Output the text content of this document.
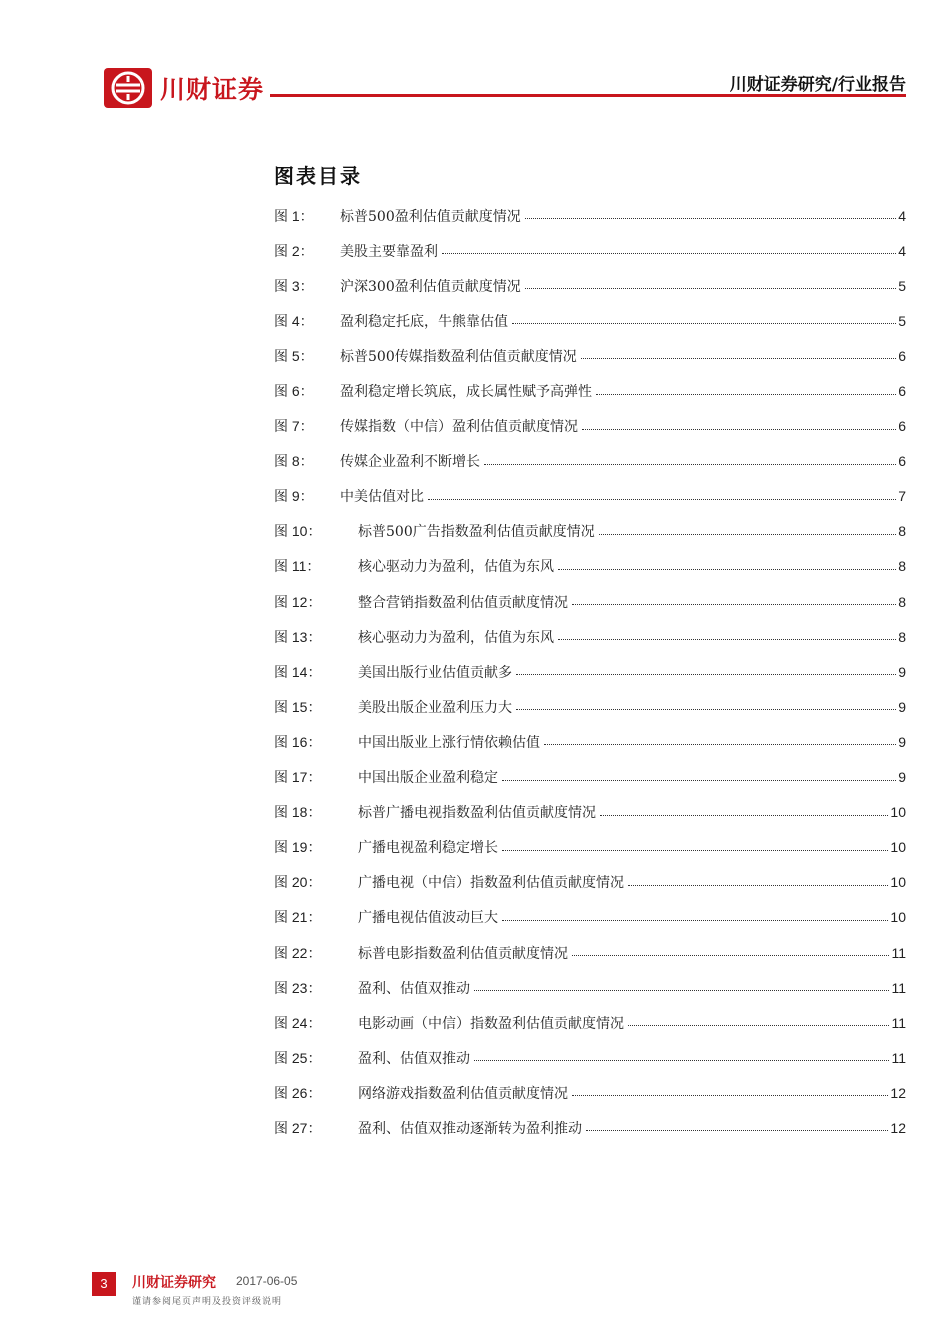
川财证券	川财证券研究/行业报告
图表目录
图 1：	标普500盈利估值贡献度情况	4
图 2：	美股主要靠盈利	4
图 3：	沪深300盈利估值贡献度情况	5
图 4：	盈利稳定托底，牛熊靠估值	5
图 5：	标普500传媒指数盈利估值贡献度情况	6
图 6：	盈利稳定增长筑底，成长属性赋予高弹性	6
图 7：	传媒指数（中信）盈利估值贡献度情况	6
图 8：	传媒企业盈利不断增长	6
图 9：	中美估值对比	7
图 10：	标普500广告指数盈利估值贡献度情况	8
图 11：	核心驱动力为盈利，估值为东风	8
图 12：	整合营销指数盈利估值贡献度情况	8
图 13：	核心驱动力为盈利，估值为东风	8
图 14：	美国出版行业估值贡献多	9
图 15：	美股出版企业盈利压力大	9
图 16：	中国出版业上涨行情依赖估值	9
图 17：	中国出版企业盈利稳定	9
图 18：	标普广播电视指数盈利估值贡献度情况	10
图 19：	广播电视盈利稳定增长	10
图 20：	广播电视（中信）指数盈利估值贡献度情况	10
图 21：	广播电视估值波动巨大	10
图 22：	标普电影指数盈利估值贡献度情况	11
图 23：	盈利、估值双推动	11
图 24：	电影动画（中信）指数盈利估值贡献度情况	11
图 25：	盈利、估值双推动	11
图 26：	网络游戏指数盈利估值贡献度情况	12
图 27：	盈利、估值双推动逐渐转为盈利推动	12
3	川财证券研究 2017-06-05
谨请参阅尾页声明及投资评级说明
